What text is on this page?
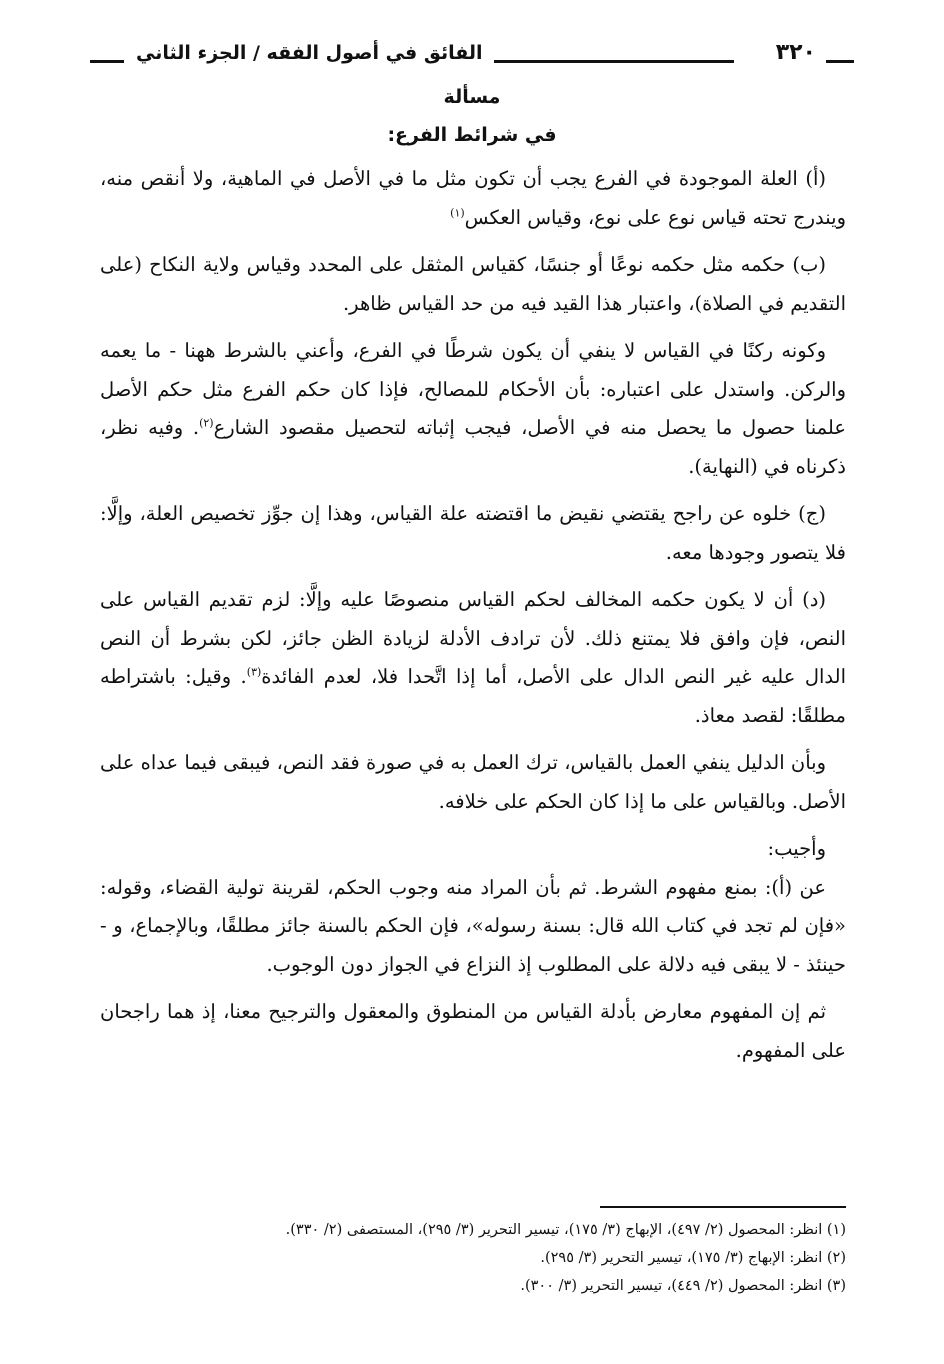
٣٢٠
الفائق في أصول الفقه / الجزء الثاني
مسألة
في شرائط الفرع:

(أ) العلة الموجودة في الفرع يجب أن تكون مثل ما في الأصل في الماهية، ولا أنقص منه، ويندرج تحته قياس نوع على نوع، وقياس العكس$^{(١)}$

(ب) حكمه مثل حكمه نوعًا أو جنسًا، كقياس المثقل على المحدد وقياس ولاية النكاح (على التقديم في الصلاة)، واعتبار هذا القيد فيه من حد القياس ظاهر.

وكونه ركنًا في القياس لا ينفي أن يكون شرطًا في الفرع، وأعني بالشرط ههنا - ما يعمه والركن. واستدل على اعتباره: بأن الأحكام للمصالح، فإذا كان حكم الفرع مثل حكم الأصل علمنا حصول ما يحصل منه في الأصل، فيجب إثباته لتحصيل مقصود الشارع$^{(٢)}$. وفيه نظر، ذكرناه في (النهاية).

(ج) خلوه عن راجح يقتضي نقيض ما اقتضته علة القياس، وهذا إن جوِّز تخصيص العلة، وإلَّا: فلا يتصور وجودها معه.

(د) أن لا يكون حكمه المخالف لحكم القياس منصوصًا عليه وإلَّا: لزم تقديم القياس على النص، فإن وافق فلا يمتنع ذلك. لأن ترادف الأدلة لزيادة الظن جائز، لكن بشرط أن النص الدال عليه غير النص الدال على الأصل، أما إذا اتَّحدا فلا، لعدم الفائدة$^{(٣)}$. وقيل: باشتراطه مطلقًا: لقصد معاذ.

وبأن الدليل ينفي العمل بالقياس، ترك العمل به في صورة فقد النص، فيبقى فيما عداه على الأصل. وبالقياس على ما إذا كان الحكم على خلافه.

وأجيب:

عن (أ): بمنع مفهوم الشرط. ثم بأن المراد منه وجوب الحكم، لقرينة تولية القضاء، وقوله: «فإن لم تجد في كتاب الله قال: بسنة رسوله»، فإن الحكم بالسنة جائز مطلقًا، وبالإجماع، و - حينئذ - لا يبقى فيه دلالة على المطلوب إذ النزاع في الجواز دون الوجوب.

ثم إن المفهوم معارض بأدلة القياس من المنطوق والمعقول والترجيح معنا، إذ هما راجحان على المفهوم.

(١) انظر: المحصول (٢/ ٤٩٧)، الإبهاج (٣/ ١٧٥)، تيسير التحرير (٣/ ٢٩٥)، المستصفى (٢/ ٣٣٠).
(٢) انظر: الإبهاج (٣/ ١٧٥)، تيسير التحرير (٣/ ٢٩٥).
(٣) انظر: المحصول (٢/ ٤٤٩)، تيسير التحرير (٣/ ٣٠٠).
